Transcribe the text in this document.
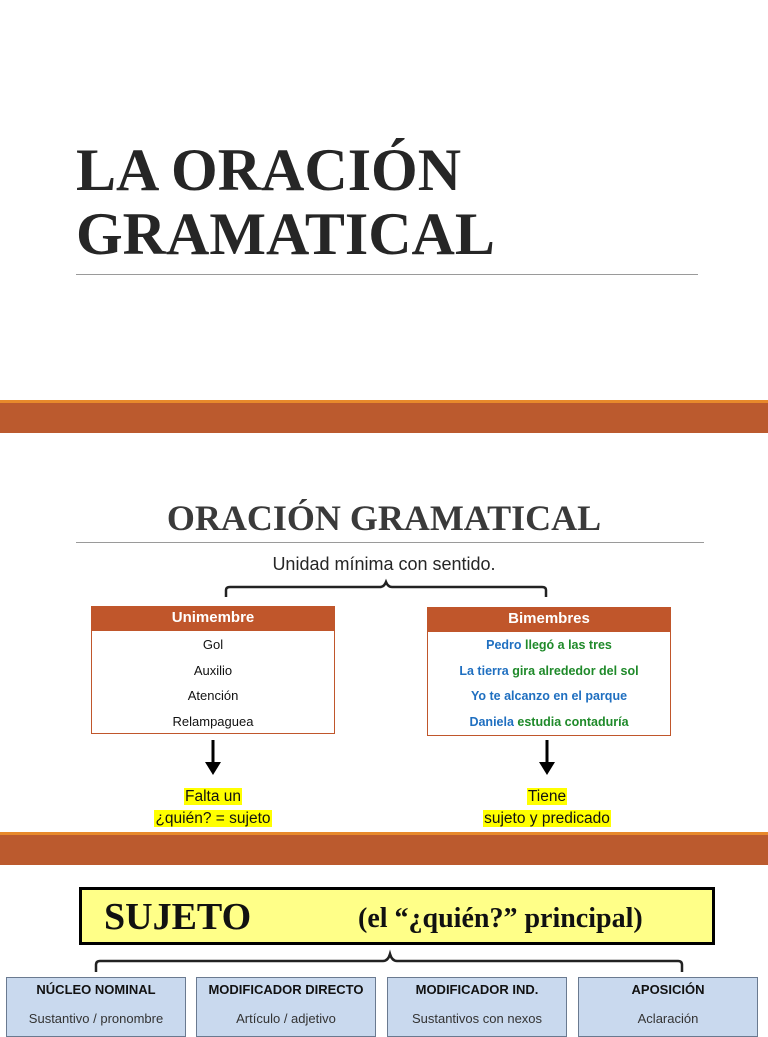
LA ORACIÓN
GRAMATICAL
ORACIÓN GRAMATICAL
Unidad mínima con sentido.
Unimembre
Gol
Auxilio
Atención
Relampaguea
Bimembres
Pedro llegó a las tres
La tierra gira alrededor del sol
Yo te alcanzo en el parque
Daniela estudia contaduría
Falta un
¿quién? = sujeto
Tiene
sujeto y predicado
SUJETO	(el “¿quién?” principal)
NÚCLEO NOMINAL
Sustantivo / pronombre
MODIFICADOR DIRECTO
Artículo / adjetivo
MODIFICADOR IND.
Sustantivos con nexos
APOSICIÓN
Aclaración
